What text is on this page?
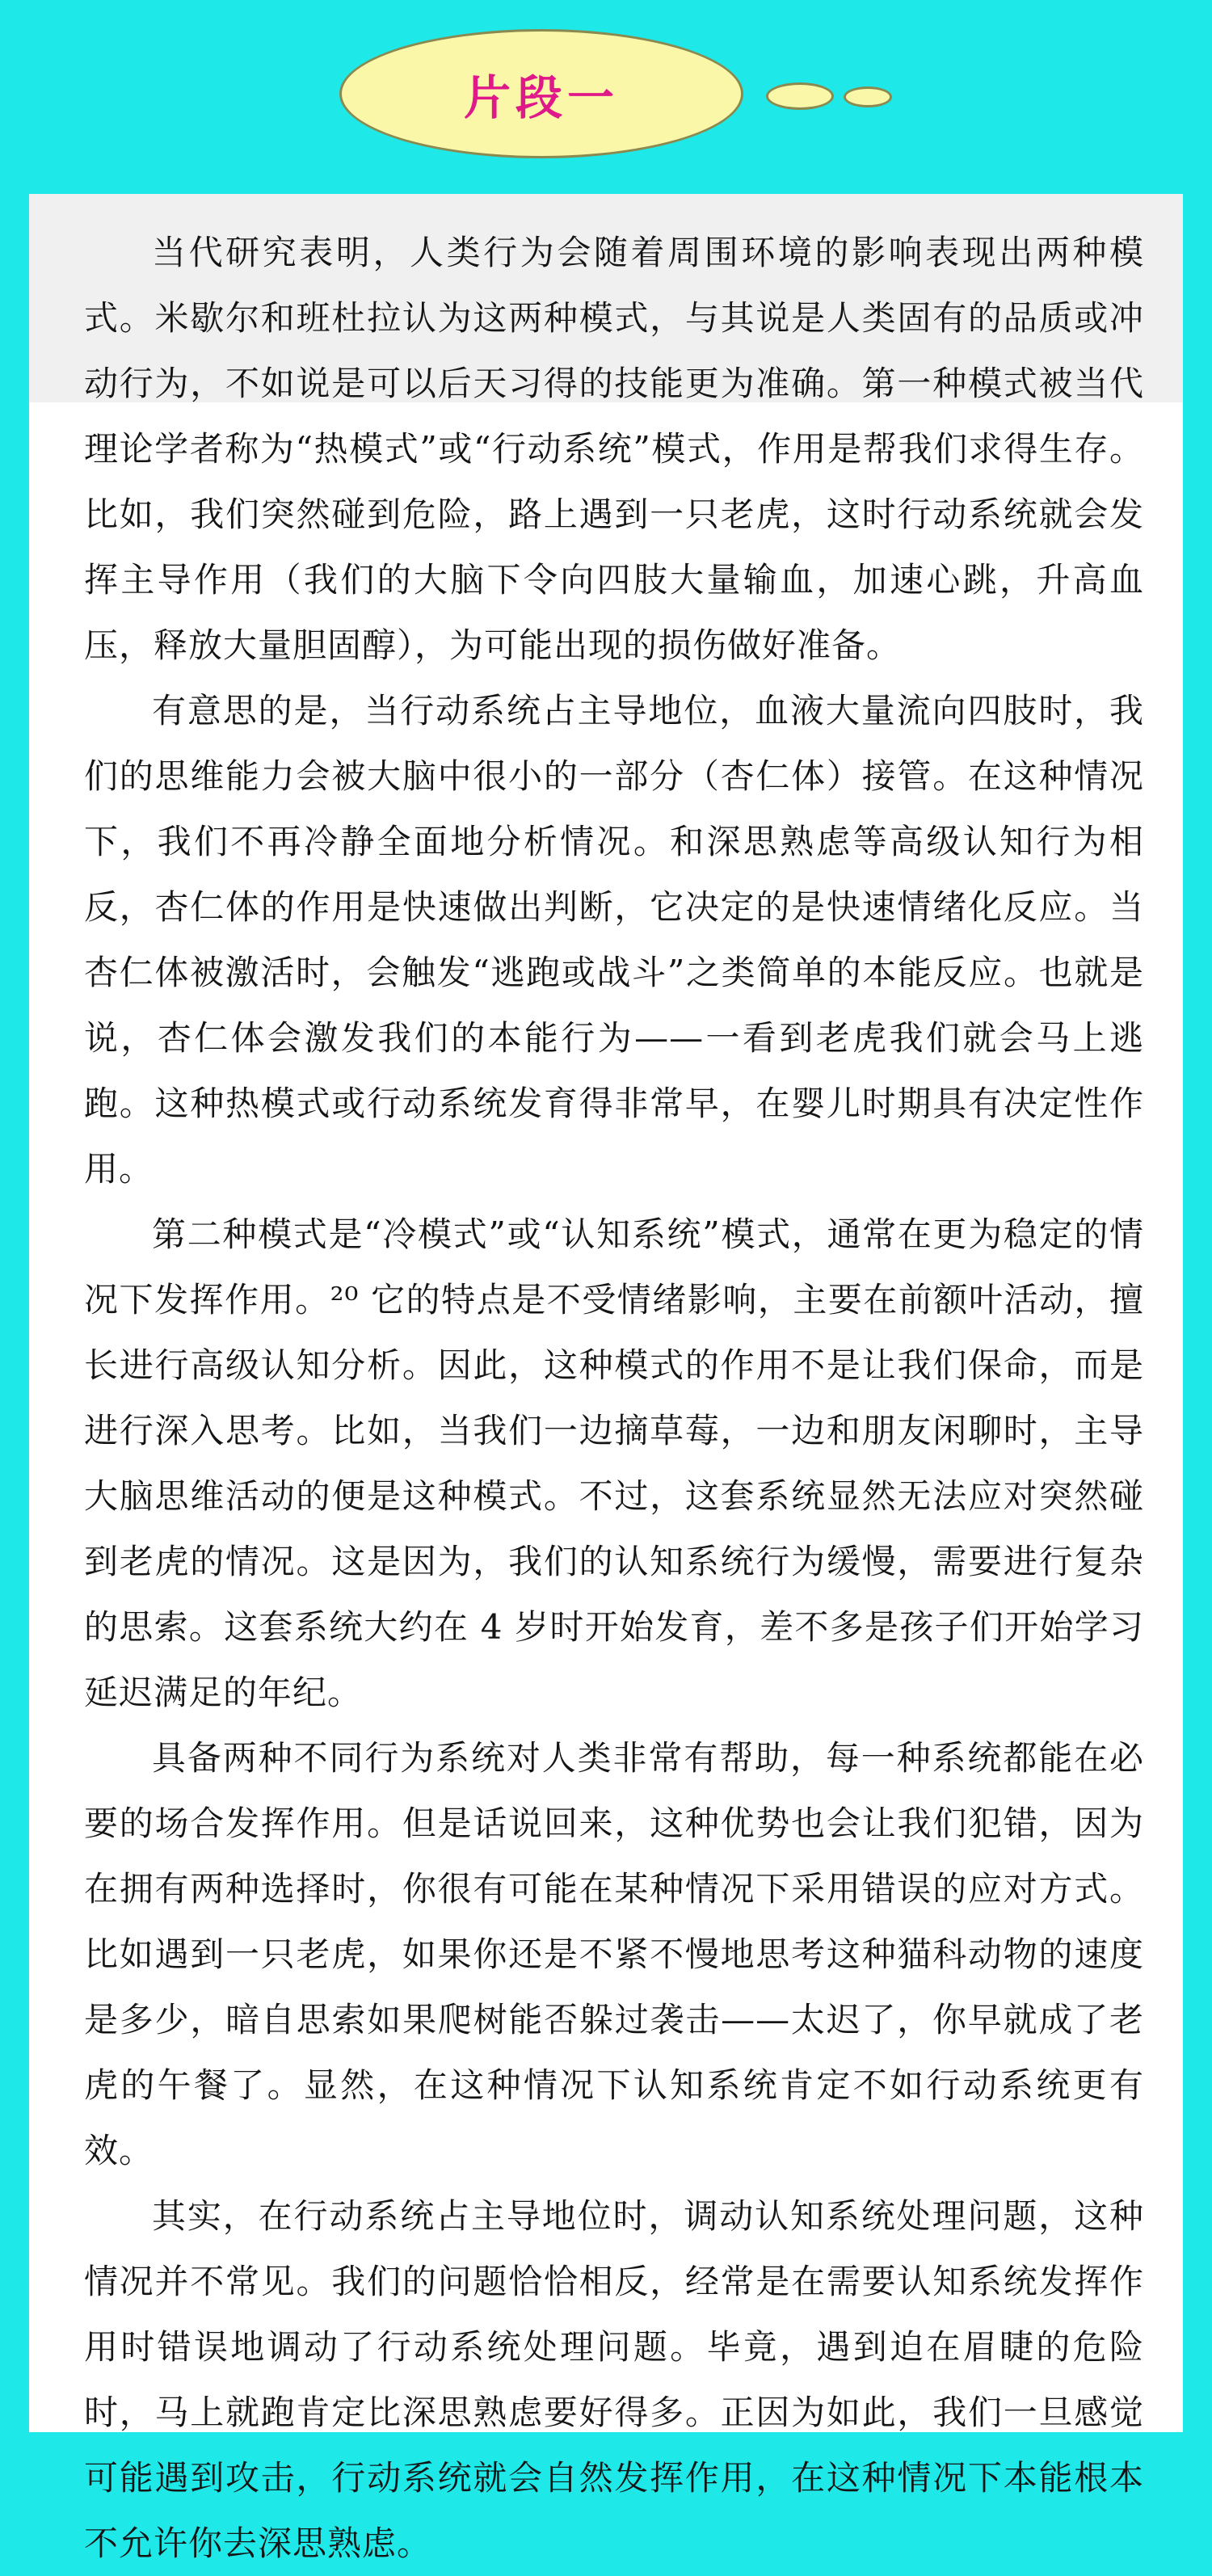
片段一

当代研究表明，人类行为会随着周围环境的影响表现出两种模式。米歇尔和班杜拉认为这两种模式，与其说是人类固有的品质或冲动行为，不如说是可以后天习得的技能更为准确。第一种模式被当代理论学者称为“热模式”或“行动系统”模式，作用是帮我们求得生存。比如，我们突然碰到危险，路上遇到一只老虎，这时行动系统就会发挥主导作用（我们的大脑下令向四肢大量输血，加速心跳，升高血压，释放大量胆固醇），为可能出现的损伤做好准备。

有意思的是，当行动系统占主导地位，血液大量流向四肢时，我们的思维能力会被大脑中很小的一部分（杏仁体）接管。在这种情况下，我们不再冷静全面地分析情况。和深思熟虑等高级认知行为相反，杏仁体的作用是快速做出判断，它决定的是快速情绪化反应。当杏仁体被激活时，会触发“逃跑或战斗”之类简单的本能反应。也就是说，杏仁体会激发我们的本能行为——一看到老虎我们就会马上逃跑。这种热模式或行动系统发育得非常早，在婴儿时期具有决定性作用。

第二种模式是“冷模式”或“认知系统”模式，通常在更为稳定的情况下发挥作用。²⁰ 它的特点是不受情绪影响，主要在前额叶活动，擅长进行高级认知分析。因此，这种模式的作用不是让我们保命，而是进行深入思考。比如，当我们一边摘草莓，一边和朋友闲聊时，主导大脑思维活动的便是这种模式。不过，这套系统显然无法应对突然碰到老虎的情况。这是因为，我们的认知系统行为缓慢，需要进行复杂的思索。这套系统大约在 4 岁时开始发育，差不多是孩子们开始学习延迟满足的年纪。

具备两种不同行为系统对人类非常有帮助，每一种系统都能在必要的场合发挥作用。但是话说回来，这种优势也会让我们犯错，因为在拥有两种选择时，你很有可能在某种情况下采用错误的应对方式。比如遇到一只老虎，如果你还是不紧不慢地思考这种猫科动物的速度是多少，暗自思索如果爬树能否躲过袭击——太迟了，你早就成了老虎的午餐了。显然，在这种情况下认知系统肯定不如行动系统更有效。

其实，在行动系统占主导地位时，调动认知系统处理问题，这种情况并不常见。我们的问题恰恰相反，经常是在需要认知系统发挥作用时错误地调动了行动系统处理问题。毕竟，遇到迫在眉睫的危险时，马上就跑肯定比深思熟虑要好得多。正因为如此，我们一旦感觉可能遇到攻击，行动系统就会自然发挥作用，在这种情况下本能根本不允许你去深思熟虑。
